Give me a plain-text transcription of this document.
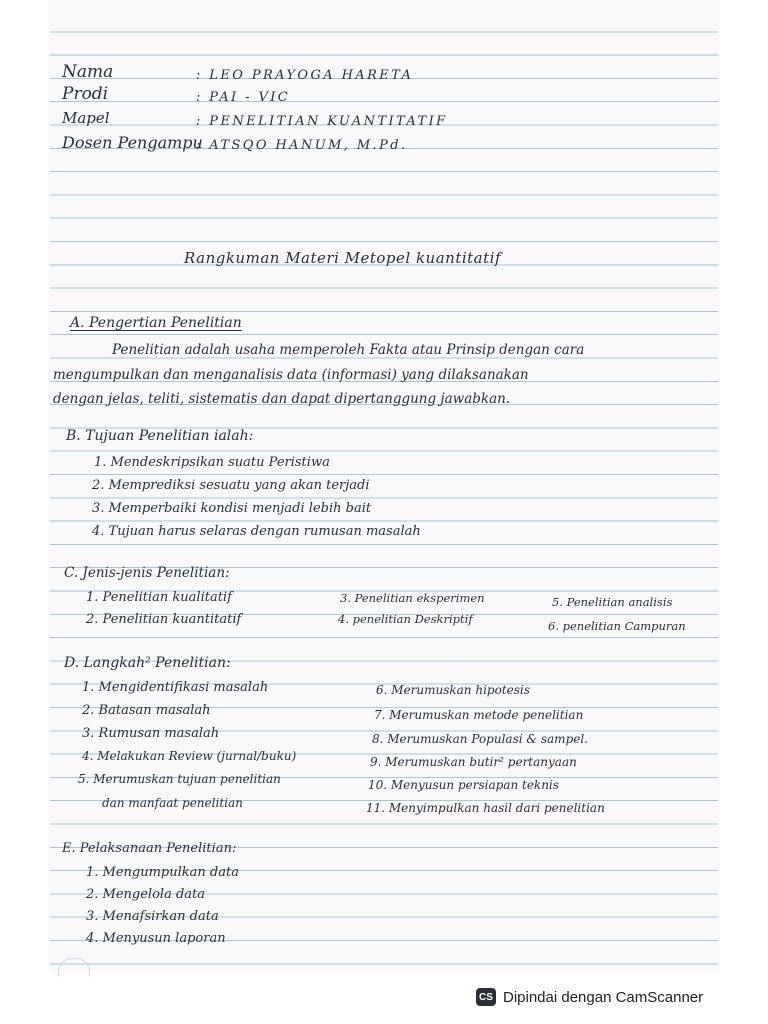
Nama	: LEO PRAYOGA HARETA
Prodi	: PAI - VIC
Mapel	: PENELITIAN KUANTITATIF
Dosen Pengampu
: ATSQO HANUM, M.Pd.
Rangkuman Materi Metopel kuantitatif
A. Pengertian Penelitian
Penelitian adalah usaha memperoleh Fakta atau Prinsip dengan cara
mengumpulkan dan menganalisis data (informasi) yang dilaksanakan
dengan jelas, teliti, sistematis dan dapat dipertanggung jawabkan.
B. Tujuan Penelitian ialah:
1. Mendeskripsikan suatu Peristiwa
2. Memprediksi sesuatu yang akan terjadi
3. Memperbaiki kondisi menjadi lebih bait
4. Tujuan harus selaras dengan rumusan masalah
C. Jenis-jenis Penelitian:
1. Penelitian kualitatif
2. Penelitian kuantitatif
3. Penelitian eksperimen
4. penelitian Deskriptif
5. Penelitian analisis
6. penelitian Campuran
D. Langkah² Penelitian:
1. Mengidentifikasi masalah
2. Batasan masalah
3. Rumusan masalah
4. Melakukan Review (jurnal/buku)
5. Merumuskan tujuan penelitian
dan manfaat penelitian
6. Merumuskan hipotesis
7. Merumuskan metode penelitian
8. Merumuskan Populasi & sampel.
9. Merumuskan butir² pertanyaan
10. Menyusun persiapan teknis
11. Menyimpulkan hasil dari penelitian
E. Pelaksanaan Penelitian:
1. Mengumpulkan data
2. Mengelola data
3. Menafsirkan data
4. Menyusun laporan
CS Dipindai dengan CamScanner
